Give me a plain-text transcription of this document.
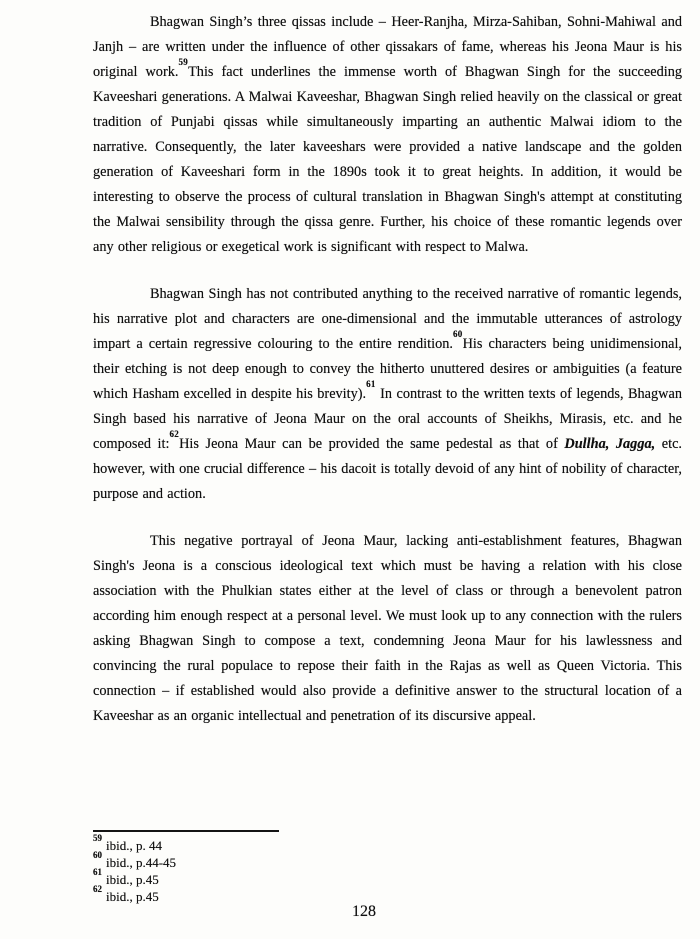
Bhagwan Singh’s three qissas include – Heer-Ranjha, Mirza-Sahiban, Sohni-Mahiwal and Janjh – are written under the influence of other qissakars of fame, whereas his Jeona Maur is his original work.$^{59}$This fact underlines the immense worth of Bhagwan Singh for the succeeding Kaveeshari generations. A Malwai Kaveeshar, Bhagwan Singh relied heavily on the classical or great tradition of Punjabi qissas while simultaneously imparting an authentic Malwai idiom to the narrative. Consequently, the later kaveeshars were provided a native landscape and the golden generation of Kaveeshari form in the 1890s took it to great heights. In addition, it would be interesting to observe the process of cultural translation in Bhagwan Singh's attempt at constituting the Malwai sensibility through the qissa genre. Further, his choice of these romantic legends over any other religious or exegetical work is significant with respect to Malwa.

Bhagwan Singh has not contributed anything to the received narrative of romantic legends, his narrative plot and characters are one-dimensional and the immutable utterances of astrology impart a certain regressive colouring to the entire rendition.$^{60}$His characters being unidimensional, their etching is not deep enough to convey the hitherto unuttered desires or ambiguities (a feature which Hasham excelled in despite his brevity).$^{61}$ In contrast to the written texts of legends, Bhagwan Singh based his narrative of Jeona Maur on the oral accounts of Sheikhs, Mirasis, etc. and he composed it:$^{62}$His Jeona Maur can be provided the same pedestal as that of Dullha, Jagga, etc. however, with one crucial difference – his dacoit is totally devoid of any hint of nobility of character, purpose and action.

This negative portrayal of Jeona Maur, lacking anti-establishment features, Bhagwan Singh's Jeona is a conscious ideological text which must be having a relation with his close association with the Phulkian states either at the level of class or through a benevolent patron according him enough respect at a personal level. We must look up to any connection with the rulers asking Bhagwan Singh to compose a text, condemning Jeona Maur for his lawlessness and convincing the rural populace to repose their faith in the Rajas as well as Queen Victoria. This connection – if established would also provide a definitive answer to the structural location of a Kaveeshar as an organic intellectual and penetration of its discursive appeal.

$^{59}$ibid., p. 44
$^{60}$ibid., p.44-45
$^{61}$ibid., p.45
$^{62}$ibid., p.45
128
